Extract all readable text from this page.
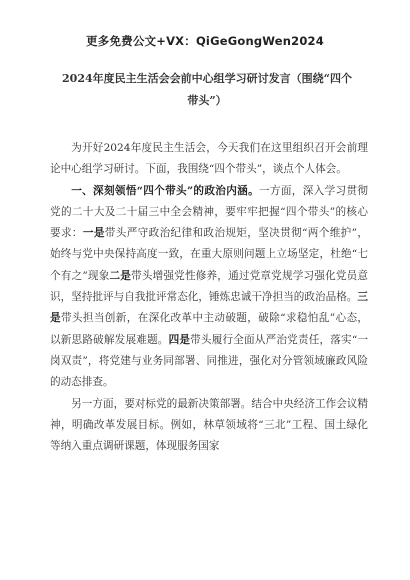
更多免费公文+VX：QiGeGongWen2024
2024年度民主生活会会前中心组学习研讨发言（围绕“四个带头”）

为开好2024年度民主生活会，今天我们在这里组织召开会前理论中心组学习研讨。下面，我围绕“四个带头”，谈点个人体会。

一、深刻领悟“四个带头”的政治内涵。一方面，深入学习贯彻党的二十大及二十届三中全会精神，要牢牢把握“四个带头”的核心要求：一是带头严守政治纪律和政治规矩，坚决贯彻“两个维护”，始终与党中央保持高度一致，在重大原则问题上立场坚定，杜绝“七个有之”现象二是带头增强党性修养，通过党章党规学习强化党员意识，坚持批评与自我批评常态化，锤炼忠诚干净担当的政治品格。三是带头担当创新，在深化改革中主动破题，破除“求稳怕乱”心态，以新思路破解发展难题。四是带头履行全面从严治党责任，落实“一岗双责”，将党建与业务同部署、同推进，强化对分管领域廉政风险的动态排查。

另一方面，要对标党的最新决策部署。结合中央经济工作会议精神，明确改革发展目标。例如，林草领域将“三北”工程、国土绿化等纳入重点调研课题，体现服务国家
